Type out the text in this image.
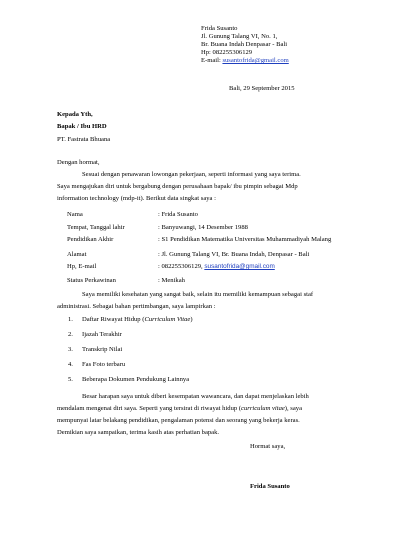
Frida Susanto
Jl. Gunung Talang VI, No. 1,
Br. Buana Indah Denpasar - Bali
Hp: 082255306129
E-mail: susantofrida@gmail.com
Bali, 29 September 2015
Kepada Yth,
Bapak / Ibu HRD
PT. Fastrata Bhuana
Dengan hormat,
Sesuai dengan penawaran lowongan pekerjaan, seperti informasi yang saya terima.
Saya mengajukan diri untuk bergabung dengan perusahaan bapak/ ibu pimpin sebagai Mdp
information technology (mdp-it). Berikut data singkat saya :
Nama	: Frida Susanto
Tempat, Tanggal lahir	: Banyuwangi, 14 Desember 1988
Pendidikan Akhir	: S1 Pendidikan Matematika Universitas Muhammadiyah Malang
Alamat	: Jl. Gunung Talang VI, Br. Buana Indah, Denpasar - Bali
Hp, E-mail	: 082255306129, susantofrida@gmail.com
Status Perkawinan	: Menikah
Saya memiliki kesehatan yang sangat baik, selain itu memiliki kemampuan sebagai staf
administrasi. Sebagai bahan pertimbangan, saya lampirkan :
1. Daftar Riwayat Hidup (Curriculum Vitae)
2. Ijazah Terakhir
3. Transkrip Nilai
4. Fas Foto terbaru
5. Beberapa Dokumen Pendukung Lainnya
Besar harapan saya untuk diberi kesempatan wawancara, dan dapat menjelaskan lebih
mendalam mengenai diri saya. Seperti yang tersirat di riwayat hidup (curriculum vitae), saya
mempunyai latar belakang pendidikan, pengalaman potensi dan seorang yang bekerja keras.
Demikian saya sampaikan, terima kasih atas perhatian bapak.
Hormat saya,
Frida Susanto
